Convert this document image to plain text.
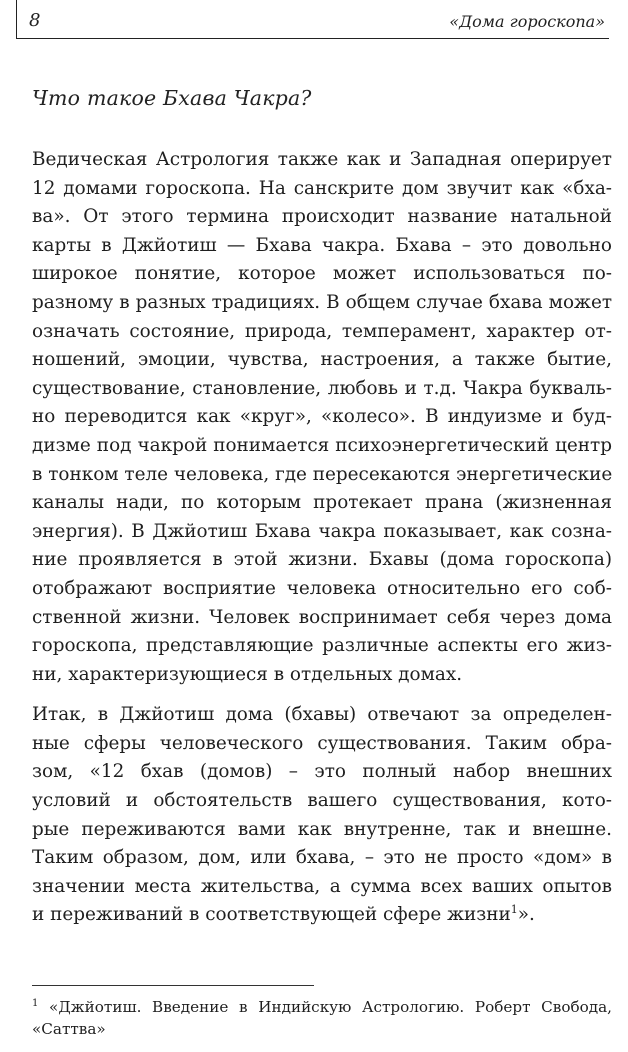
8	«Дома гороскопа»
Что такое Бхава Чакра?
Ведическая Астрология также как и Западная оперирует
12 домами гороскопа. На санскрите дом звучит как «бха-
ва». От этого термина происходит название натальной
карты в Джйотиш — Бхава чакра. Бхава – это довольно
широкое понятие, которое может использоваться по-
разному в разных традициях. В общем случае бхава может
означать состояние, природа, темперамент, характер от-
ношений, эмоции, чувства, настроения, а также бытие,
существование, становление, любовь и т.д. Чакра букваль-
но переводится как «круг», «колесо». В индуизме и буд-
дизме под чакрой понимается психоэнергетический центр
в тонком теле человека, где пересекаются энергетические
каналы нади, по которым протекает прана (жизненная
энергия). В Джйотиш Бхава чакра показывает, как созна-
ние проявляется в этой жизни. Бхавы (дома гороскопа)
отображают восприятие человека относительно его соб-
ственной жизни. Человек воспринимает себя через дома
гороскопа, представляющие различные аспекты его жиз-
ни, характеризующиеся в отдельных домах.
Итак, в Джйотиш дома (бхавы) отвечают за определен-
ные сферы человеческого существования. Таким обра-
зом, «12 бхав (домов) – это полный набор внешних
условий и обстоятельств вашего существования, кото-
рые переживаются вами как внутренне, так и внешне.
Таким образом, дом, или бхава, – это не просто «дом» в
значении места жительства, а сумма всех ваших опытов
и переживаний в соответствующей сфере жизни$^1$».
$^1$ «Джйотиш. Введение в Индийскую Астрологию. Роберт Свобода,
«Саттва»
